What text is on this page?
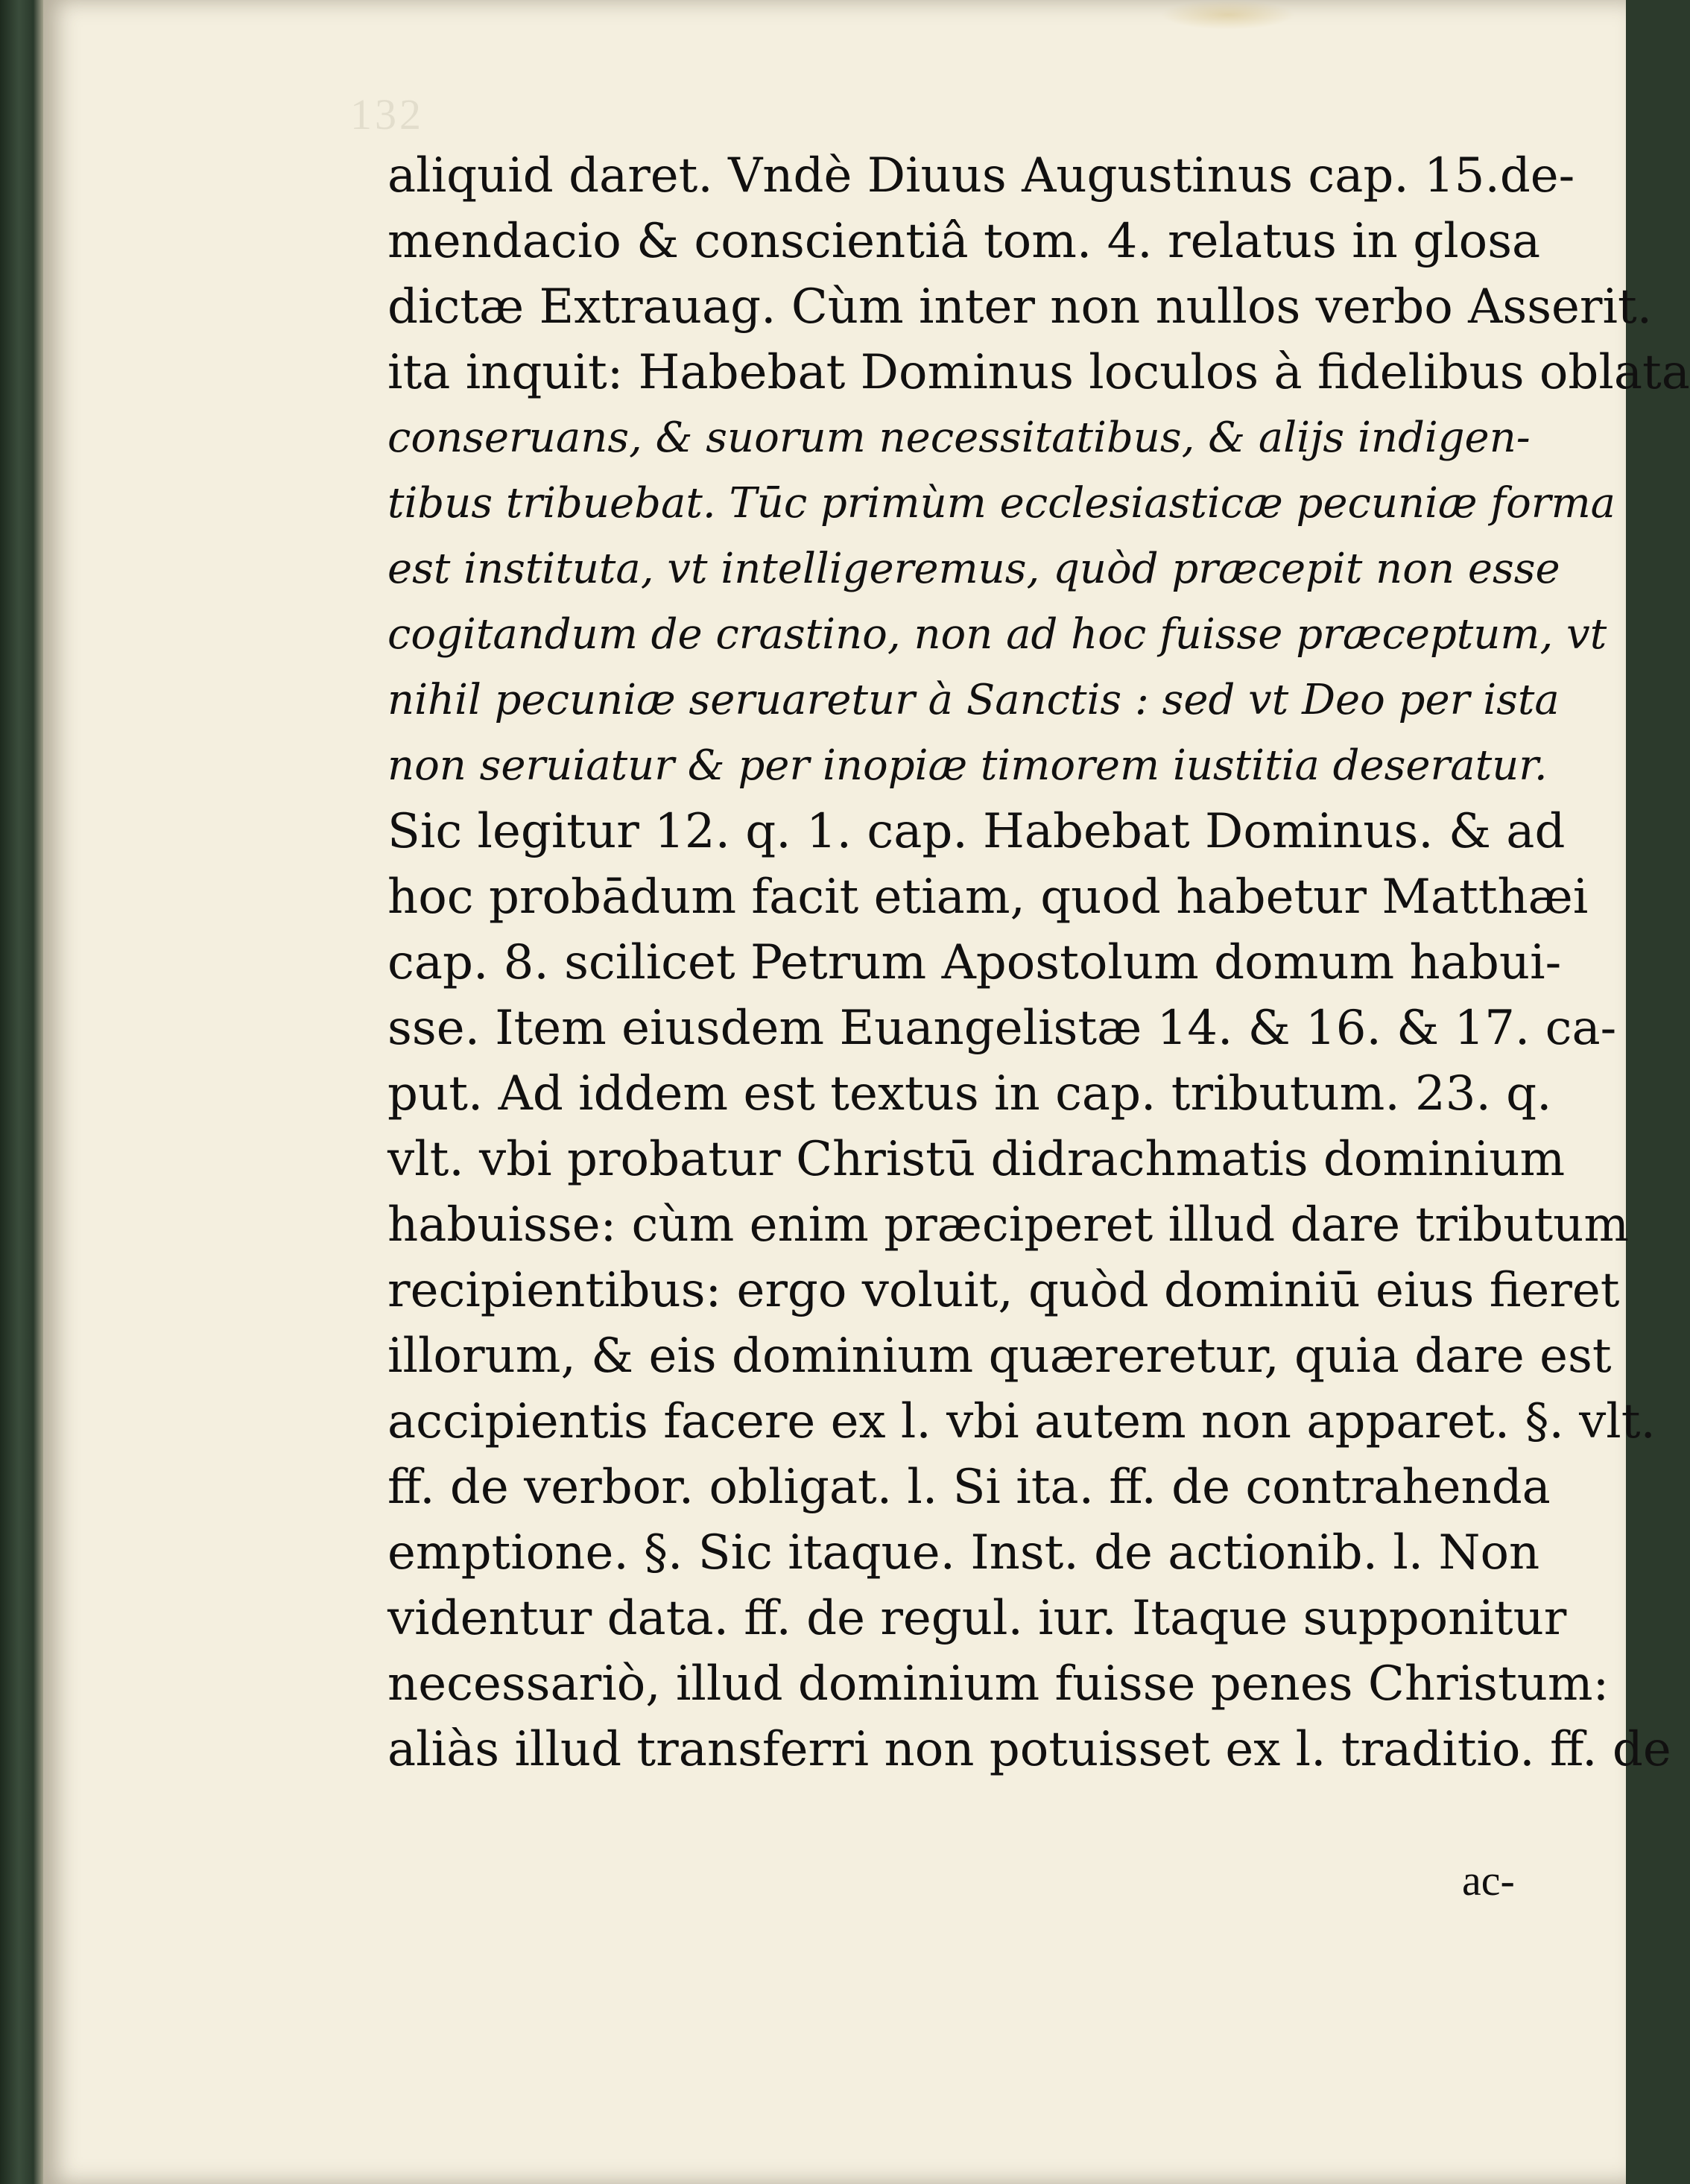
132
aliquid daret. Vndè Diuus Augustinus cap. 15.de-
mendacio & conscientiâ tom. 4. relatus in glosa
dictæ Extrauag. Cùm inter non nullos verbo Asserit.
ita inquit: Habebat Dominus loculos à fidelibus oblata
conseruans, & suorum necessitatibus, & alijs indigen-
tibus tribuebat. Tūc primùm ecclesiasticæ pecuniæ forma
est instituta, vt intelligeremus, quòd præcepit non esse
cogitandum de crastino, non ad hoc fuisse præceptum, vt
nihil pecuniæ seruaretur à Sanctis : sed vt Deo per ista
non seruiatur & per inopiæ timorem iustitia deseratur.
Sic legitur 12. q. 1. cap. Habebat Dominus. & ad
hoc probādum facit etiam, quod habetur Matthæi
cap. 8. scilicet Petrum Apostolum domum habui-
sse. Item eiusdem Euangelistæ 14. & 16. & 17. ca-
put. Ad iddem est textus in cap. tributum. 23. q.
vlt. vbi probatur Christū didrachmatis dominium
habuisse: cùm enim præciperet illud dare tributum
recipientibus: ergo voluit, quòd dominiū eius fieret
illorum, & eis dominium quæreretur, quia dare est
accipientis facere ex l. vbi autem non apparet. §. vlt.
ff. de verbor. obligat. l. Si ita. ff. de contrahenda
emptione. §. Sic itaque. Inst. de actionib. l. Non
videntur data. ff. de regul. iur. Itaque supponitur
necessariò, illud dominium fuisse penes Christum:
aliàs illud transferri non potuisset ex l. traditio. ff. de
ac-
